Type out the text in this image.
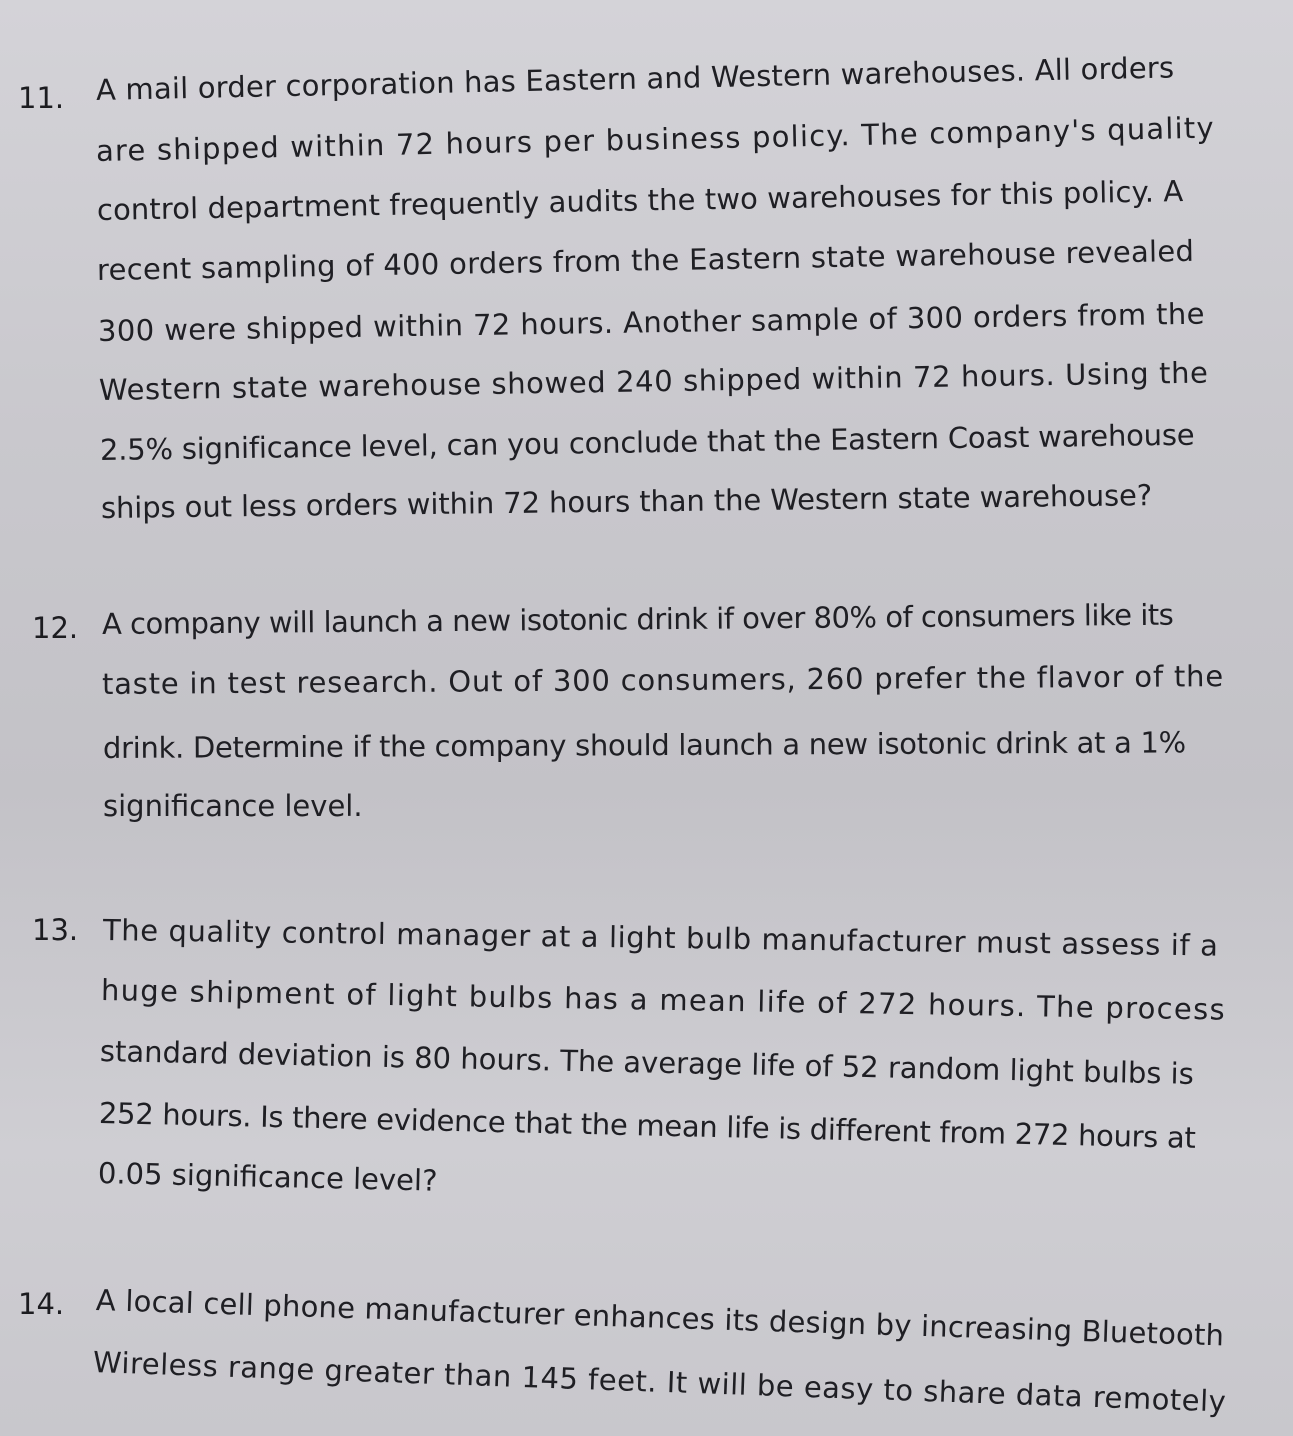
11. A mail order corporation has Eastern and Western warehouses. All orders
are shipped within 72 hours per business policy. The company's quality
control department frequently audits the two warehouses for this policy. A
recent sampling of 400 orders from the Eastern state warehouse revealed
300 were shipped within 72 hours. Another sample of 300 orders from the
Western state warehouse showed 240 shipped within 72 hours. Using the
2.5% significance level, can you conclude that the Eastern Coast warehouse
ships out less orders within 72 hours than the Western state warehouse?
12. A company will launch a new isotonic drink if over 80% of consumers like its
taste in test research. Out of 300 consumers, 260 prefer the flavor of the
drink. Determine if the company should launch a new isotonic drink at a 1%
significance level.
13. The quality control manager at a light bulb manufacturer must assess if a
huge shipment of light bulbs has a mean life of 272 hours. The process
standard deviation is 80 hours. The average life of 52 random light bulbs is
252 hours. Is there evidence that the mean life is different from 272 hours at
0.05 significance level?
14. A local cell phone manufacturer enhances its design by increasing Bluetooth
Wireless range greater than 145 feet. It will be easy to share data remotely
